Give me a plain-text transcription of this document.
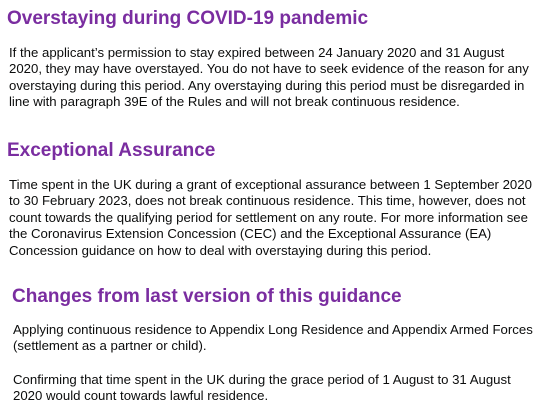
Overstaying during COVID-19 pandemic

If the applicant’s permission to stay expired between 24 January 2020 and 31 August 2020, they may have overstayed. You do not have to seek evidence of the reason for any overstaying during this period. Any overstaying during this period must be disregarded in line with paragraph 39E of the Rules and will not break continuous residence.

Exceptional Assurance

Time spent in the UK during a grant of exceptional assurance between 1 September 2020 to 30 February 2023, does not break continuous residence. This time, however, does not count towards the qualifying period for settlement on any route. For more information see the Coronavirus Extension Concession (CEC) and the Exceptional Assurance (EA) Concession guidance on how to deal with overstaying during this period.

Changes from last version of this guidance

Applying continuous residence to Appendix Long Residence and Appendix Armed Forces (settlement as a partner or child).

Confirming that time spent in the UK during the grace period of 1 August to 31 August 2020 would count towards lawful residence.
